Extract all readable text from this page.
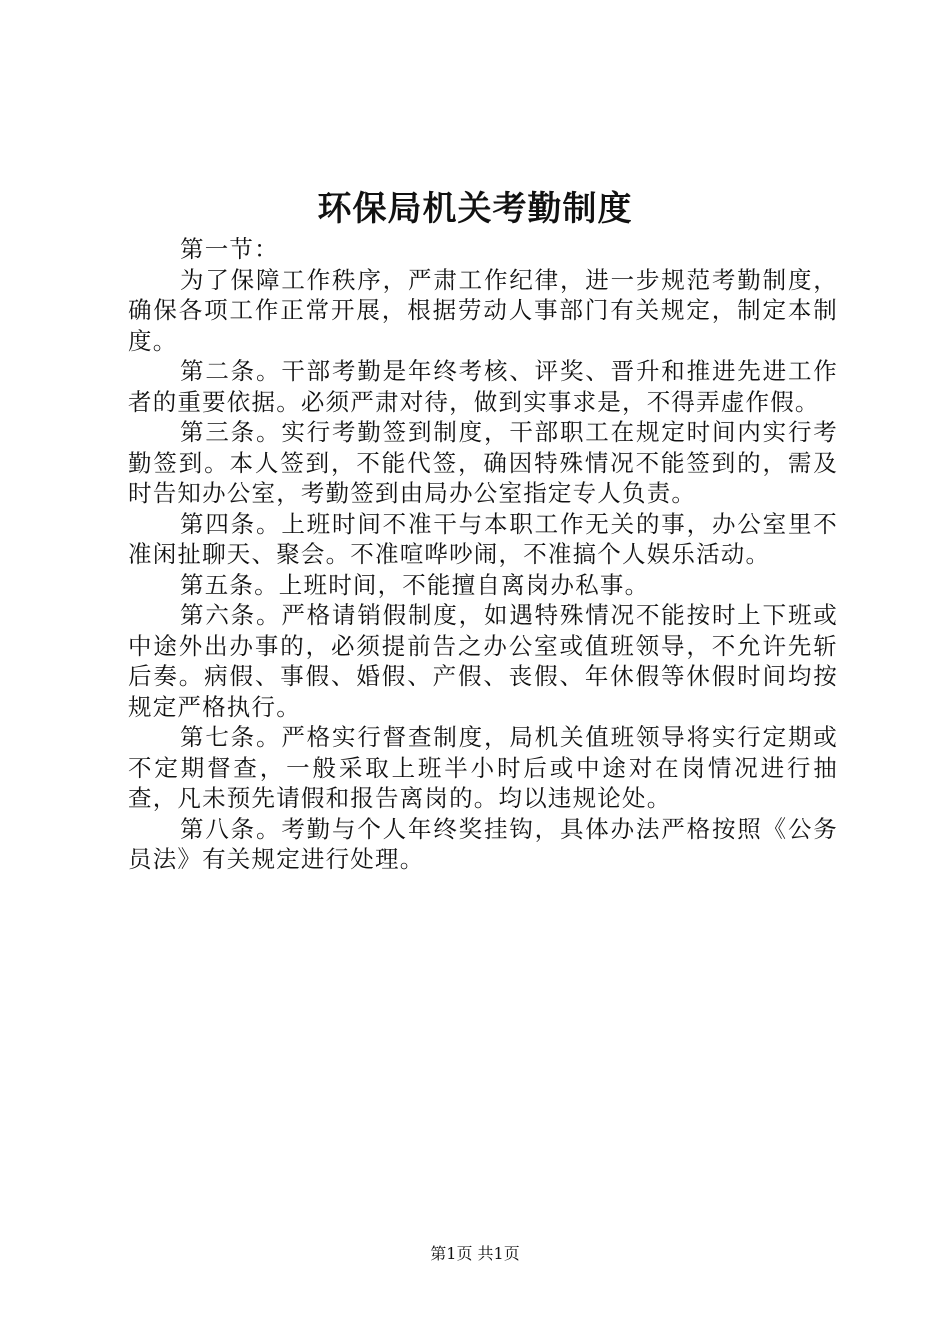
环保局机关考勤制度

第一节：

为了保障工作秩序，严肃工作纪律，进一步规范考勤制度，确保各项工作正常开展，根据劳动人事部门有关规定，制定本制度。

第二条。干部考勤是年终考核、评奖、晋升和推进先进工作者的重要依据。必须严肃对待，做到实事求是，不得弄虚作假。

第三条。实行考勤签到制度，干部职工在规定时间内实行考勤签到。本人签到，不能代签，确因特殊情况不能签到的，需及时告知办公室，考勤签到由局办公室指定专人负责。

第四条。上班时间不准干与本职工作无关的事，办公室里不准闲扯聊天、聚会。不准喧哗吵闹，不准搞个人娱乐活动。

第五条。上班时间，不能擅自离岗办私事。

第六条。严格请销假制度，如遇特殊情况不能按时上下班或中途外出办事的，必须提前告之办公室或值班领导，不允许先斩后奏。病假、事假、婚假、产假、丧假、年休假等休假时间均按规定严格执行。

第七条。严格实行督查制度，局机关值班领导将实行定期或不定期督查，一般采取上班半小时后或中途对在岗情况进行抽查，凡未预先请假和报告离岗的。均以违规论处。

第八条。考勤与个人年终奖挂钩，具体办法严格按照《公务员法》有关规定进行处理。

第1页 共1页
